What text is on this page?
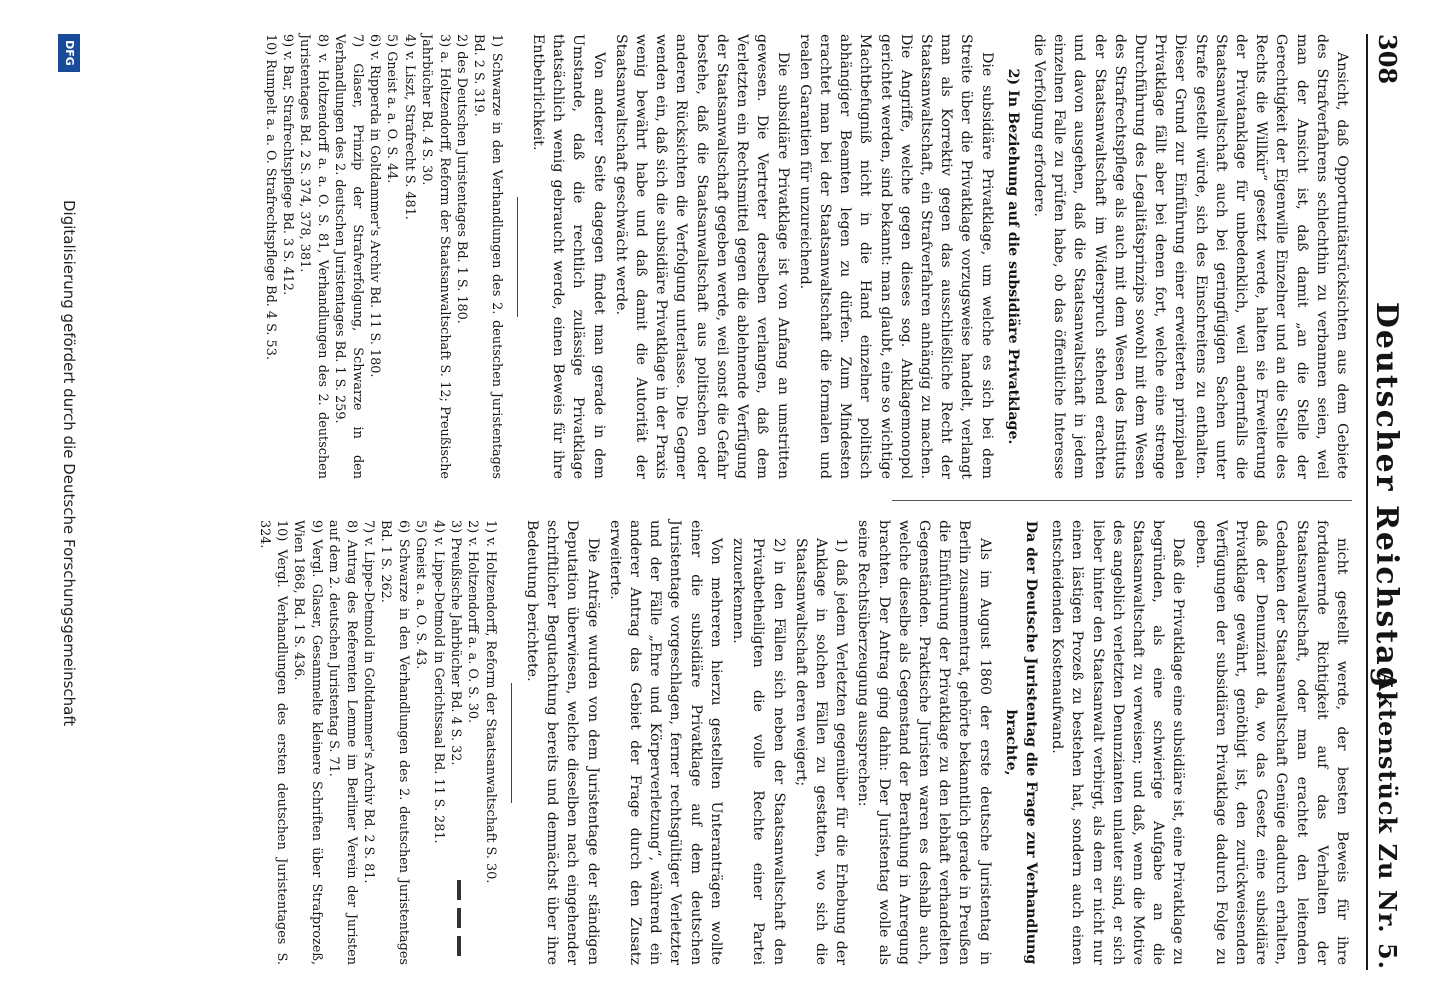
308
Deutscher Reichstag.
Aktenstück Zu Nr. 5.

Ansicht, daß Opportunitätsrücksichten aus dem Gebiete des Strafverfahrens schlechthin zu verbannen seien, weil man der Ansicht ist, daß damit „an die Stelle der Gerechtigkeit der Eigenwille Einzelner und an die Stelle des Rechts die Willkür“ gesetzt werde, halten sie Erweiterung der Privatanklage für unbedenklich, weil andernfalls die Staatsanwaltschaft auch bei geringfügigen Sachen unter Strafe gestellt würde, sich des Einschreitens zu enthalten. Dieser Grund zur Einführung einer erweiterten prinzipalen Privatklage fällt aber bei denen fort, welche eine strenge Durchführung des Legalitätsprinzips sowohl mit dem Wesen des Strafrechtspflege als auch mit dem Wesen des Instituts der Staatsanwaltschaft im Widerspruch stehend erachten und davon ausgehen, daß die Staatsanwaltschaft in jedem einzelnen Falle zu prüfen habe, ob das öffentliche Interesse die Verfolgung erfordere.

2) In Beziehung auf die subsidiäre Privatklage.

Die subsidiäre Privatklage, um welche es sich bei dem Streite über die Privatklage vorzugsweise handelt, verlangt man als Korrektiv gegen das ausschließliche Recht der Staatsanwaltschaft, ein Strafverfahren anhängig zu machen. Die Angriffe, welche gegen dieses sog. Anklagemonopol gerichtet werden, sind bekannt: man glaubt, eine so wichtige Machtbefugniß nicht in die Hand einzelner politisch abhängiger Beamten legen zu dürfen. Zum Mindesten erachtet man bei der Staatsanwaltschaft die formalen und realen Garantien für unzureichend.

Die subsidiäre Privatklage ist von Anfang an umstritten gewesen. Die Vertreter derselben verlangen, daß dem Verletzten ein Rechtsmittel gegen die ablehnende Verfügung der Staatsanwaltschaft gegeben werde, weil sonst die Gefahr bestehe, daß die Staatsanwaltschaft aus politischen oder anderen Rücksichten die Verfolgung unterlasse. Die Gegner wenden ein, daß sich die subsidiäre Privatklage in der Praxis wenig bewährt habe und daß damit die Autorität der Staatsanwaltschaft geschwächt werde.

Von anderer Seite dagegen findet man gerade in dem Umstande, daß die rechtlich zulässige Privatklage thatsächlich wenig gebraucht werde, einen Beweis für ihre Entbehrlichkeit.

1) Schwarze in den Verhandlungen des 2. deutschen Juristentages Bd. 2 S. 319.

2) des Deutschen Juristentages Bd. 1 S. 180.

3) a. Holtzendorff, Reform der Staatsanwaltschaft S. 12; Preußische Jahrbücher Bd. 4 S. 30.

4) v. Liszt, Strafrecht S. 481.

5) Gneist a. a. O. S. 44.

6) v. Ripperda in Goltdammer's Archiv Bd. 11 S. 180.

7) Glaser, Prinzip der Strafverfolgung, Schwarze in den Verhandlungen des 2. deutschen Juristentages Bd. 1 S. 259.

8) v. Holtzendorff a. a. O. S. 81, Verhandlungen des 2. deutschen Juristentages Bd. 2 S. 374, 378, 381.

9) v. Bar, Strafrechtspflege Bd. 3 S. 412.

10) Rumpelt a. a. O. Strafrechtspflege Bd. 4 S. 53.

nicht gestellt werde, der besten Beweis für ihre fortdauernde Richtigkeit auf das Verhalten der Staatsanwaltschaft, oder man erachtet den leitenden Gedanken der Staatsanwaltschaft Genüge dadurch erhalten, daß der Denunziant da, wo das Gesetz eine subsidiäre Privatklage gewährt, genöthigt ist, den zurückweisenden Verfügungen der subsidiären Privatklage dadurch Folge zu geben.

Daß die Privatklage eine subsidiäre ist, eine Privatklage zu begründen, als eine schwierige Aufgabe an die Staatsanwaltschaft zu verweisen; und daß, wenn die Motive des angeblich verletzten Denunzianten unlauter sind, er sich lieber hinter den Staatsanwalt verbirgt, als dem er nicht nur einen lästigen Prozeß zu bestehen hat, sondern auch einen entscheidenden Kostenaufwand.

Da der Deutsche Juristentag die Frage zur Verhandlung brachte,

Als im August 1860 der erste deutsche Juristentag in Berlin zusammentrat, gehörte bekanntlich gerade in Preußen die Einführung der Privatklage zu den lebhaft verhandelten Gegenständen. Praktische Juristen waren es deshalb auch, welche dieselbe als Gegenstand der Berathung in Anregung brachten. Der Antrag ging dahin: Der Juristentag wolle als seine Rechtsüberzeugung aussprechen:

1) daß jedem Verletzten gegenüber für die Erhebung der Anklage in solchen Fällen zu gestatten, wo sich die Staatsanwaltschaft deren weigert;

2) in den Fällen sich neben der Staatsanwaltschaft den Privatbetheiligten die volle Rechte einer Partei zuzuerkennen.

Von mehreren hierzu gestellten Unteranträgen wollte einer die subsidiäre Privatklage auf dem deutschen Juristentage vorgeschlagen, ferner rechtsgültiger Verletzter und der Fälle „Ehre und Körperverletzung“, während ein anderer Antrag das Gebiet der Frage durch den Zusatz erweiterte.

Die Anträge wurden von dem Juristentage der ständigen Deputation überwiesen, welche dieselben nach eingehender schriftlicher Begutachtung bereits und demnächst über ihre Bedeutung berichtete.

1) v. Holtzendorff, Reform der Staatsanwaltschaft S. 30.

2) v. Holtzendorff a. a. O. S. 30.

3) Preußische Jahrbücher Bd. 4 S. 32.

4) v. Lippe-Detmold in Gerichtssaal Bd. 11 S. 281.

5) Gneist a. a. O. S. 43.

6) Schwarze in den Verhandlungen des 2. deutschen Juristentages Bd. 1 S. 262.

7) v. Lippe-Detmold in Goltdammer's Archiv Bd. 2 S. 81.

8) Antrag des Referenten Lemme im Berliner Verein der Juristen auf dem 2. deutschen Juristentag S. 71.

9) Vergl. Glaser, Gesammelte kleinere Schriften über Strafprozeß, Wien 1868, Bd. 1 S. 436.

10) Vergl. Verhandlungen des ersten deutschen Juristentages S. 324.

DFG
Digitalisierung gefördert durch die Deutsche Forschungsgemeinschaft
